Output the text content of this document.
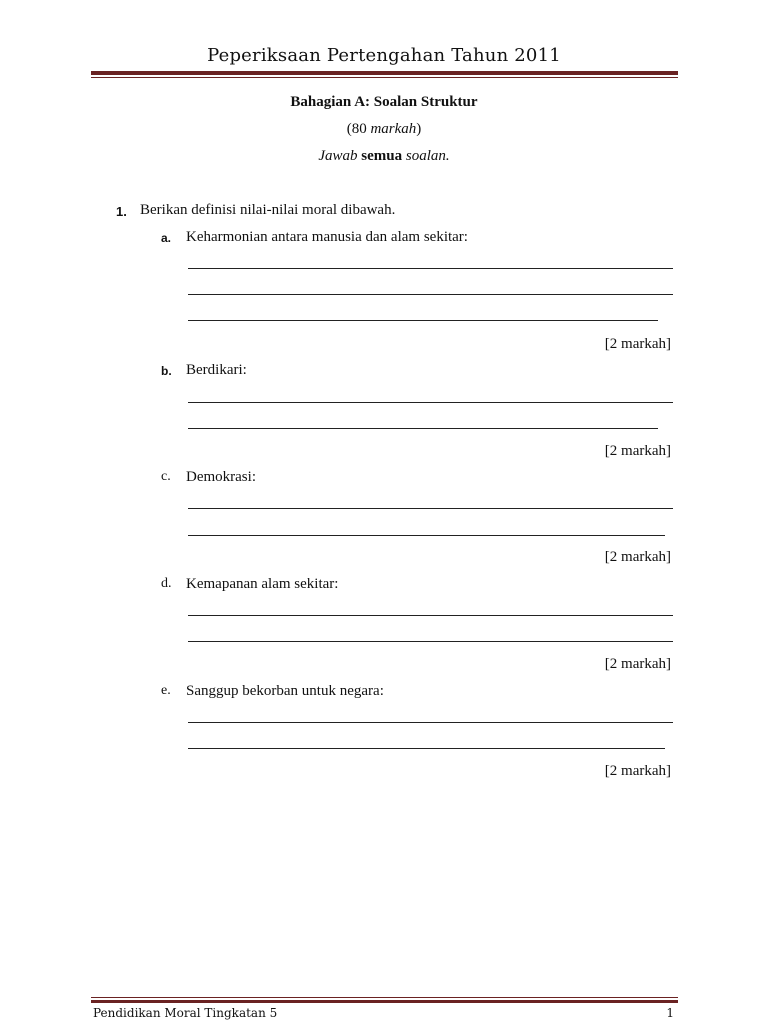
Peperiksaan Pertengahan Tahun 2011
Bahagian A: Soalan Struktur
(80 markah)
Jawab semua soalan.
1. Berikan definisi nilai-nilai moral dibawah.
a. Keharmonian antara manusia dan alam sekitar:
[2 markah]
b. Berdikari:
[2 markah]
c.	Demokrasi:
[2 markah]
d. Kemapanan alam sekitar:
[2 markah]
e.	Sanggup bekorban untuk negara:
[2 markah]
Pendidikan Moral Tingkatan 5	1
